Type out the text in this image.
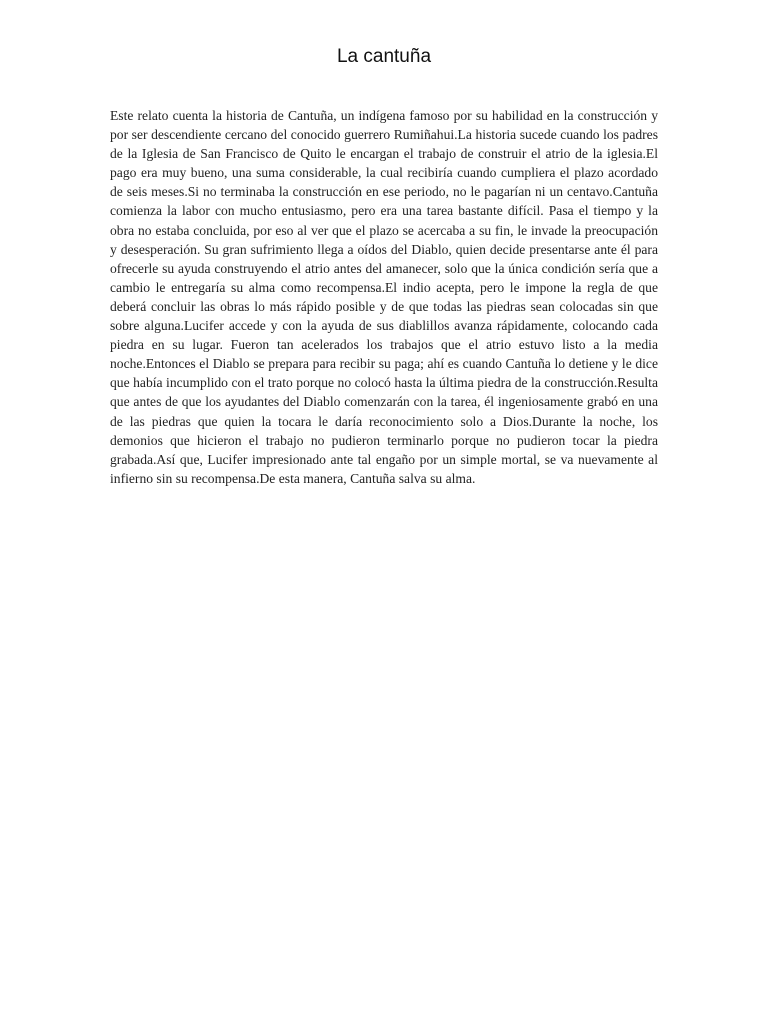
La cantuña

Este relato cuenta la historia de Cantuña, un indígena famoso por su habilidad en la construcción y por ser descendiente cercano del conocido guerrero Rumiñahui.La historia sucede cuando los padres de la Iglesia de San Francisco de Quito le encargan el trabajo de construir el atrio de la iglesia.El pago era muy bueno, una suma considerable, la cual recibiría cuando cumpliera el plazo acordado de seis meses.Si no terminaba la construcción en ese periodo, no le pagarían ni un centavo.Cantuña comienza la labor con mucho entusiasmo, pero era una tarea bastante difícil. Pasa el tiempo y la obra no estaba concluida, por eso al ver que el plazo se acercaba a su fin, le invade la preocupación y desesperación. Su gran sufrimiento llega a oídos del Diablo, quien decide presentarse ante él para ofrecerle su ayuda construyendo el atrio antes del amanecer, solo que la única condición sería que a cambio le entregaría su alma como recompensa.El indio acepta, pero le impone la regla de que deberá concluir las obras lo más rápido posible y de que todas las piedras sean colocadas sin que sobre alguna.Lucifer accede y con la ayuda de sus diablillos avanza rápidamente, colocando cada piedra en su lugar. Fueron tan acelerados los trabajos que el atrio estuvo listo a la media noche.Entonces el Diablo se prepara para recibir su paga; ahí es cuando Cantuña lo detiene y le dice que había incumplido con el trato porque no colocó hasta la última piedra de la construcción.Resulta que antes de que los ayudantes del Diablo comenzarán con la tarea, él ingeniosamente grabó en una de las piedras que quien la tocara le daría reconocimiento solo a Dios.Durante la noche, los demonios que hicieron el trabajo no pudieron terminarlo porque no pudieron tocar la piedra grabada.Así que, Lucifer impresionado ante tal engaño por un simple mortal, se va nuevamente al infierno sin su recompensa.De esta manera, Cantuña salva su alma.
